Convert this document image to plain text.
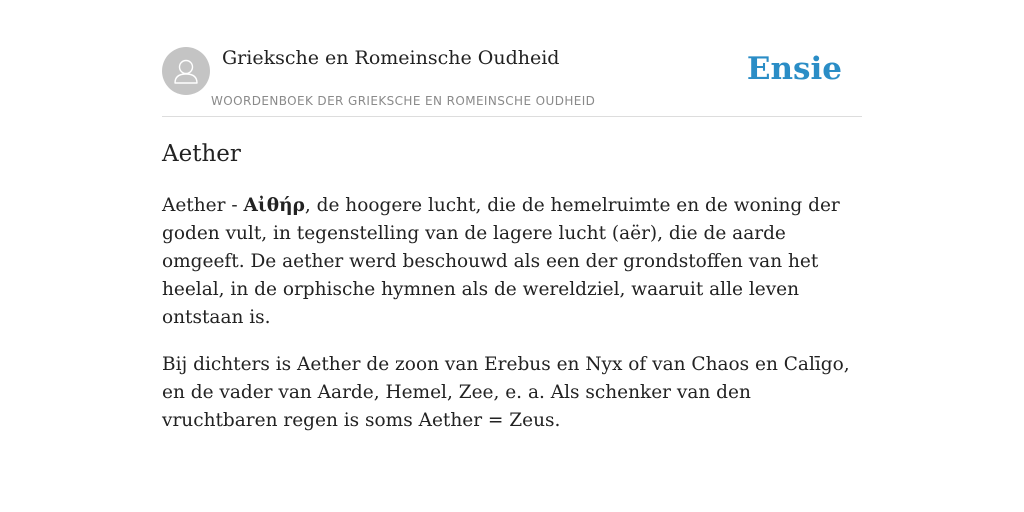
Grieksche en Romeinsche Oudheid
WOORDENBOEK DER GRIEKSCHE EN ROMEINSCHE OUDHEID
Ensie
Aether

Aether - Aἰθήρ, de hoogere lucht, die de hemelruimte en de woning der goden vult, in tegenstelling van de lagere lucht (aër), die de aarde omgeeft. De aether werd beschouwd als een der grondstoffen van het heelal, in de orphische hymnen als de wereldziel, waaruit alle leven ontstaan is.

Bij dichters is Aether de zoon van Erebus en Nyx of van Chaos en Calīgo, en de vader van Aarde, Hemel, Zee, e. a. Als schenker van den vruchtbaren regen is soms Aether = Zeus.
